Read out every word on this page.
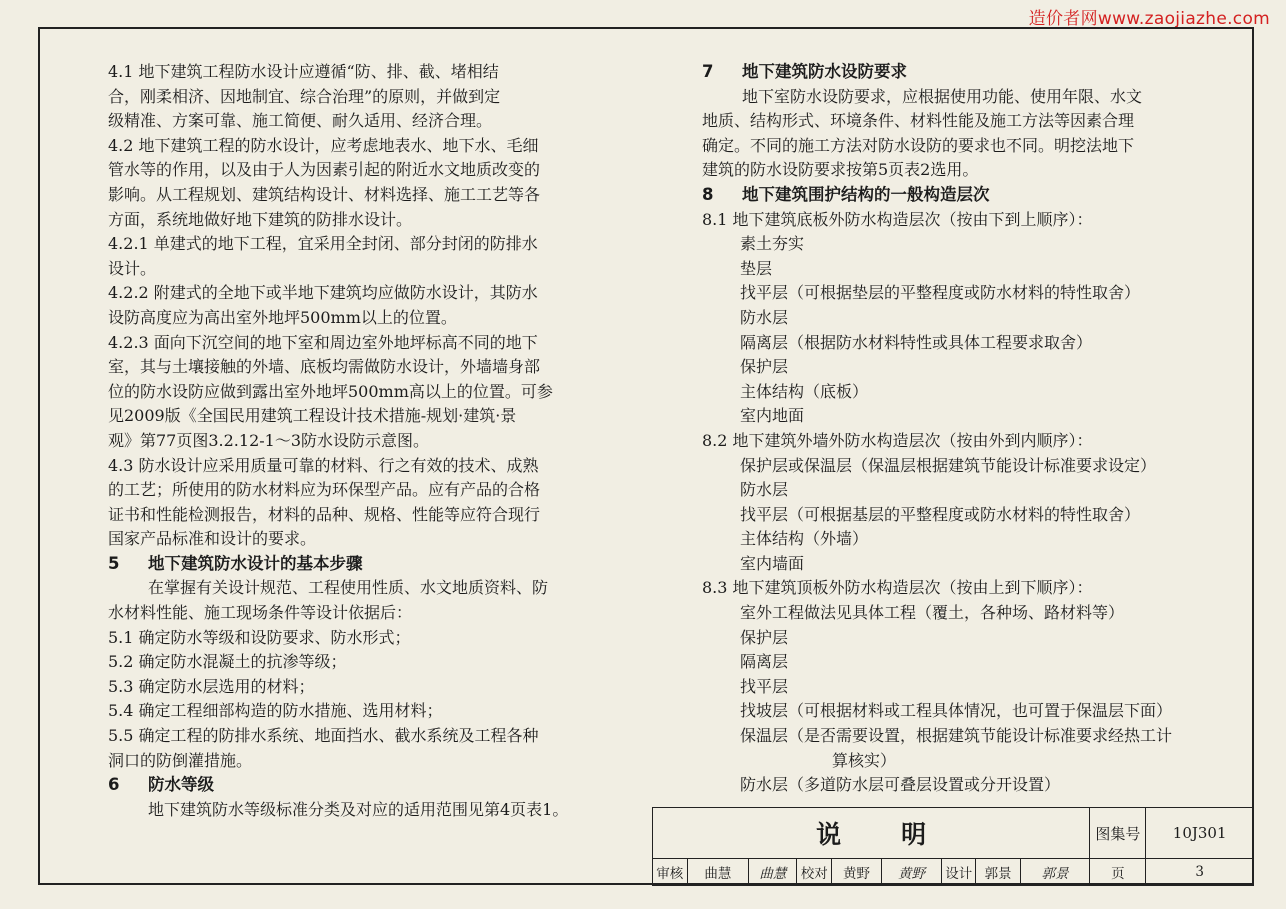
造价者网www.zaojiazhe.com
4.1 地下建筑工程防水设计应遵循“防、排、截、堵相结
合，刚柔相济、因地制宜、综合治理”的原则，并做到定
级精准、方案可靠、施工简便、耐久适用、经济合理。
4.2 地下建筑工程的防水设计，应考虑地表水、地下水、毛细
管水等的作用，以及由于人为因素引起的附近水文地质改变的
影响。从工程规划、建筑结构设计、材料选择、施工工艺等各
方面，系统地做好地下建筑的防排水设计。
4.2.1 单建式的地下工程，宜采用全封闭、部分封闭的防排水
设计。
4.2.2 附建式的全地下或半地下建筑均应做防水设计，其防水
设防高度应为高出室外地坪500mm以上的位置。
4.2.3 面向下沉空间的地下室和周边室外地坪标高不同的地下
室，其与土壤接触的外墙、底板均需做防水设计，外墙墙身部
位的防水设防应做到露出室外地坪500mm高以上的位置。可参
见2009版《全国民用建筑工程设计技术措施-规划·建筑·景
观》第77页图3.2.12-1～3防水设防示意图。
4.3 防水设计应采用质量可靠的材料、行之有效的技术、成熟
的工艺；所使用的防水材料应为环保型产品。应有产品的合格
证书和性能检测报告，材料的品种、规格、性能等应符合现行
国家产品标准和设计的要求。
5 地下建筑防水设计的基本步骤
在掌握有关设计规范、工程使用性质、水文地质资料、防
水材料性能、施工现场条件等设计依据后：
5.1 确定防水等级和设防要求、防水形式；
5.2 确定防水混凝土的抗渗等级；
5.3 确定防水层选用的材料；
5.4 确定工程细部构造的防水措施、选用材料；
5.5 确定工程的防排水系统、地面挡水、截水系统及工程各种
洞口的防倒灌措施。
6 防水等级
地下建筑防水等级标准分类及对应的适用范围见第4页表1。
7 地下建筑防水设防要求
地下室防水设防要求，应根据使用功能、使用年限、水文
地质、结构形式、环境条件、材料性能及施工方法等因素合理
确定。不同的施工方法对防水设防的要求也不同。明挖法地下
建筑的防水设防要求按第5页表2选用。
8 地下建筑围护结构的一般构造层次
8.1 地下建筑底板外防水构造层次（按由下到上顺序）：
素土夯实
垫层
找平层（可根据垫层的平整程度或防水材料的特性取舍）
防水层
隔离层（根据防水材料特性或具体工程要求取舍）
保护层
主体结构（底板）
室内地面
8.2 地下建筑外墙外防水构造层次（按由外到内顺序）：
保护层或保温层（保温层根据建筑节能设计标准要求设定）
防水层
找平层（可根据基层的平整程度或防水材料的特性取舍）
主体结构（外墙）
室内墙面
8.3 地下建筑顶板外防水构造层次（按由上到下顺序）：
室外工程做法见具体工程（覆土，各种场、路材料等）
保护层
隔离层
找平层
找坡层（可根据材料或工程具体情况，也可置于保温层下面）
保温层（是否需要设置，根据建筑节能设计标准要求经热工计
算核实）
防水层（多道防水层可叠层设置或分开设置）
说明									图集号	10J301
审核	曲慧	曲慧	校对	黄野	黄野	设计	郭景	郭景	页	3
